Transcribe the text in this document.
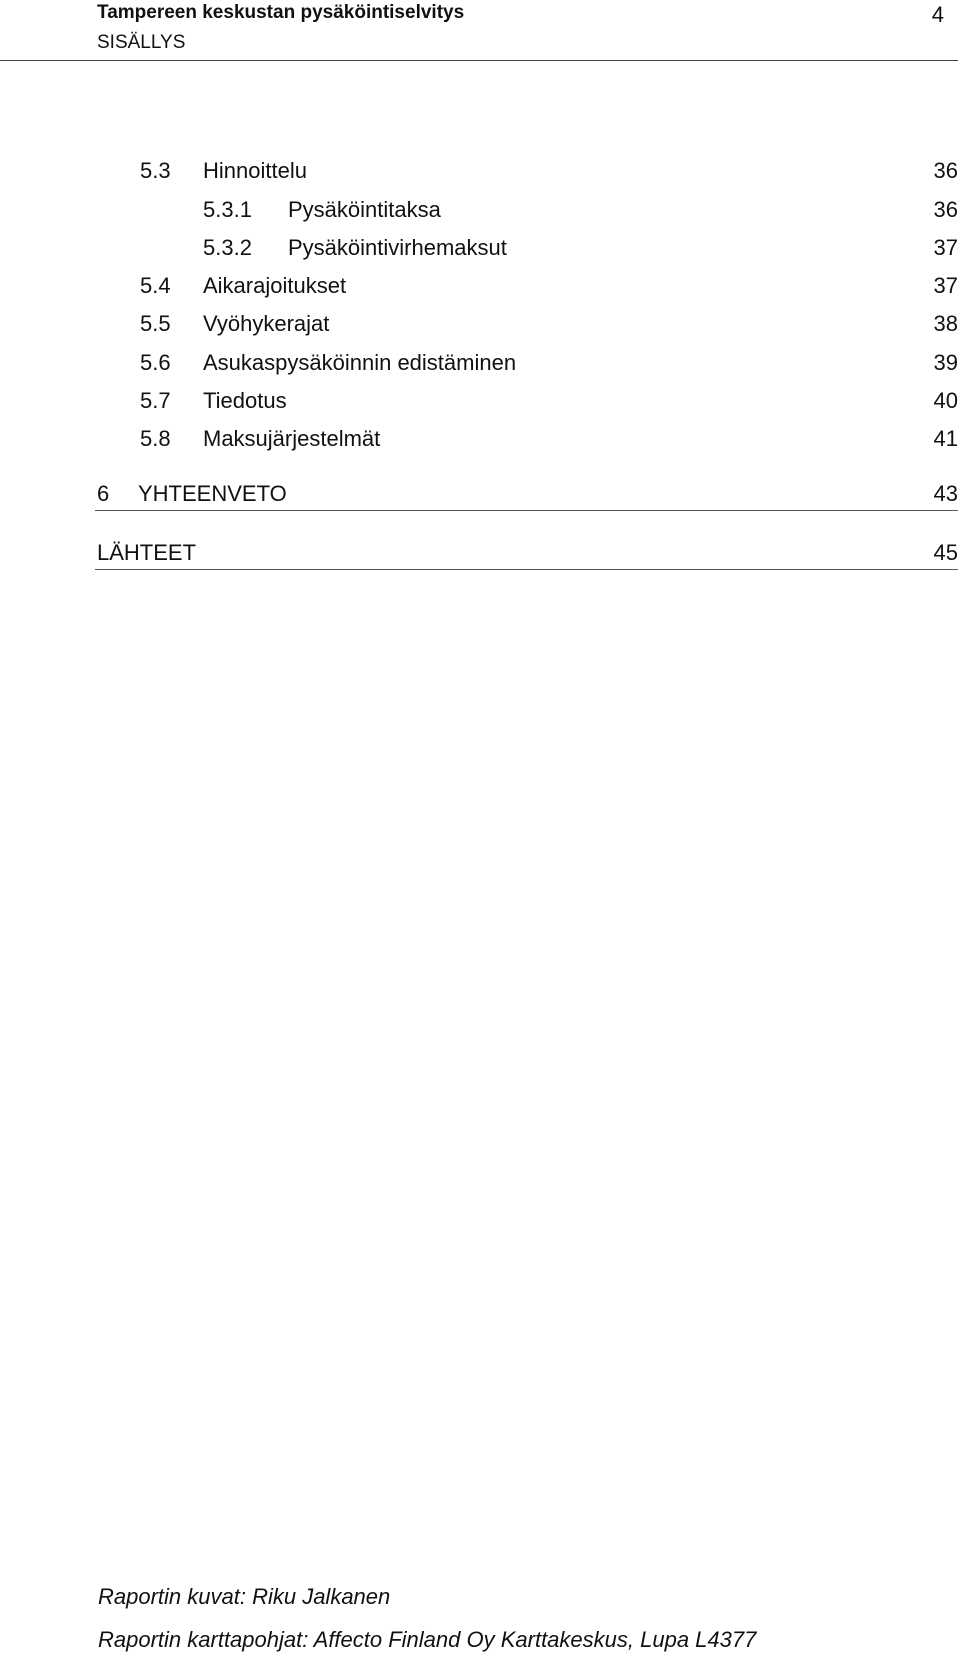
Tampereen keskustan pysäköintiselvitys	4
SISÄLLYS
5.3 Hinnoittelu	36
5.3.1 Pysäköintitaksa	36
5.3.2 Pysäköintivirhemaksut	37
5.4 Aikarajoitukset	37
5.5 Vyöhykerajat	38
5.6 Asukaspysäköinnin edistäminen	39
5.7 Tiedotus	40
5.8 Maksujärjestelmät	41
6 YHTEENVETO	43
LÄHTEET	45
Raportin kuvat: Riku Jalkanen
Raportin karttapohjat: Affecto Finland Oy Karttakeskus, Lupa L4377
